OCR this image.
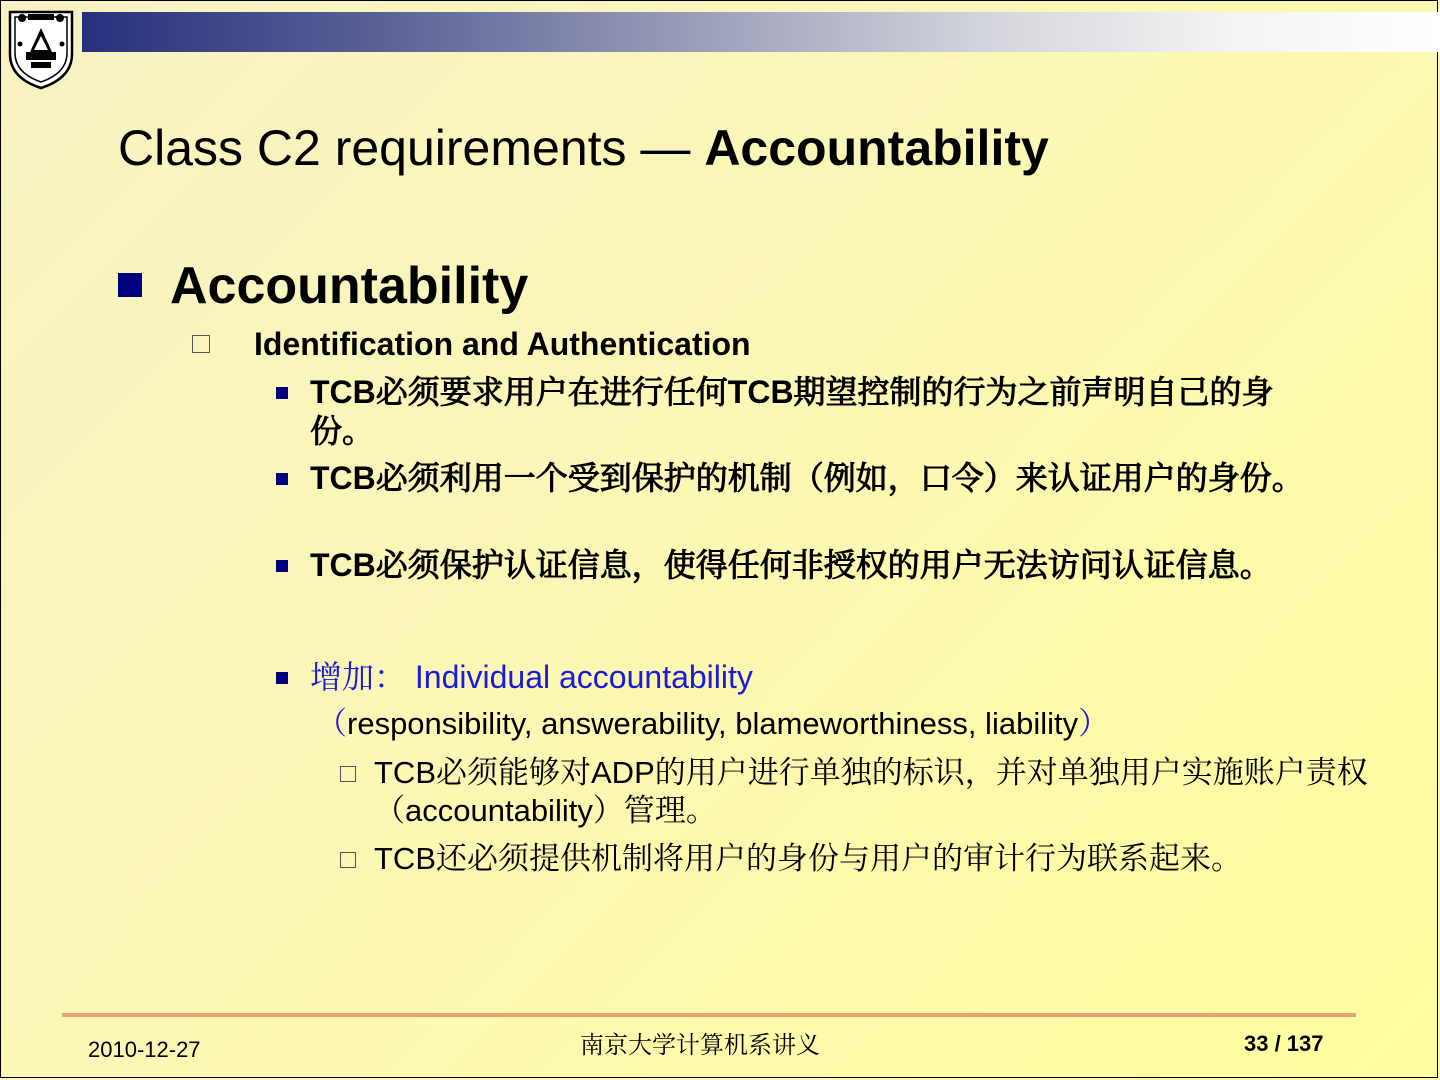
Class C2 requirements — Accountability
Accountability
Identification and Authentication
TCB必须要求用户在进行任何TCB期望控制的行为之前声明自己的身份。
TCB必须利用一个受到保护的机制（例如，口令）来认证用户的身份。
TCB必须保护认证信息，使得任何非授权的用户无法访问认证信息。
增加： Individual accountability
（responsibility, answerability, blameworthiness, liability）
TCB必须能够对ADP的用户进行单独的标识，并对单独用户实施账户责权（accountability）管理。
TCB还必须提供机制将用户的身份与用户的审计行为联系起来。
2010-12-27	南京大学计算机系讲义	33 / 137
